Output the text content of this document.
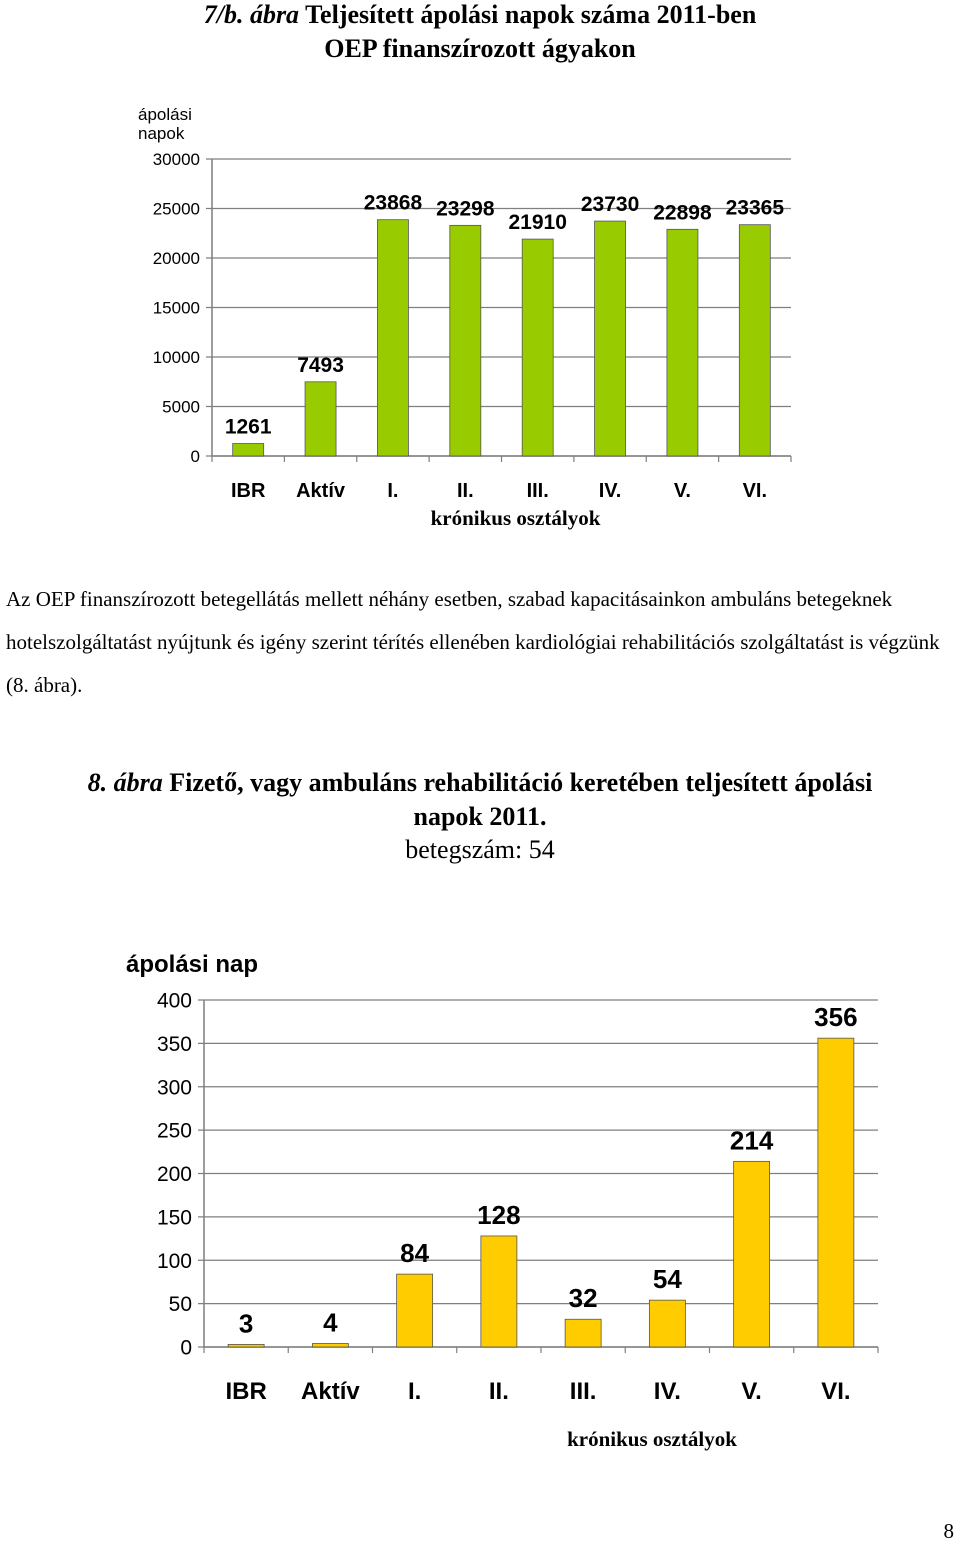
7/b. ábra Teljesített ápolási napok száma 2011-ben
OEP finanszírozott ágyakon
ápolási napok
0
5000
10000
15000
20000
25000
30000
1261
IBR
7493
Aktív
23868
I.
23298
II.
21910
III.
23730
IV.
22898
V.
23365
VI.
krónikus osztályok
Az OEP finanszírozott betegellátás mellett néhány esetben, szabad kapacitásainkon ambuláns betegeknek hotelszolgáltatást nyújtunk és igény szerint térítés ellenében kardiológiai rehabilitációs szolgáltatást is végzünk (8. ábra).
8. ábra Fizető, vagy ambuláns rehabilitáció keretében teljesített ápolási
napok 2011.
betegszám: 54
ápolási nap
0
50
100
150
200
250
300
350
400
3
IBR
4
Aktív
84
I.
128
II.
32
III.
54
IV.
214
V.
356
VI.
krónikus osztályok
8
